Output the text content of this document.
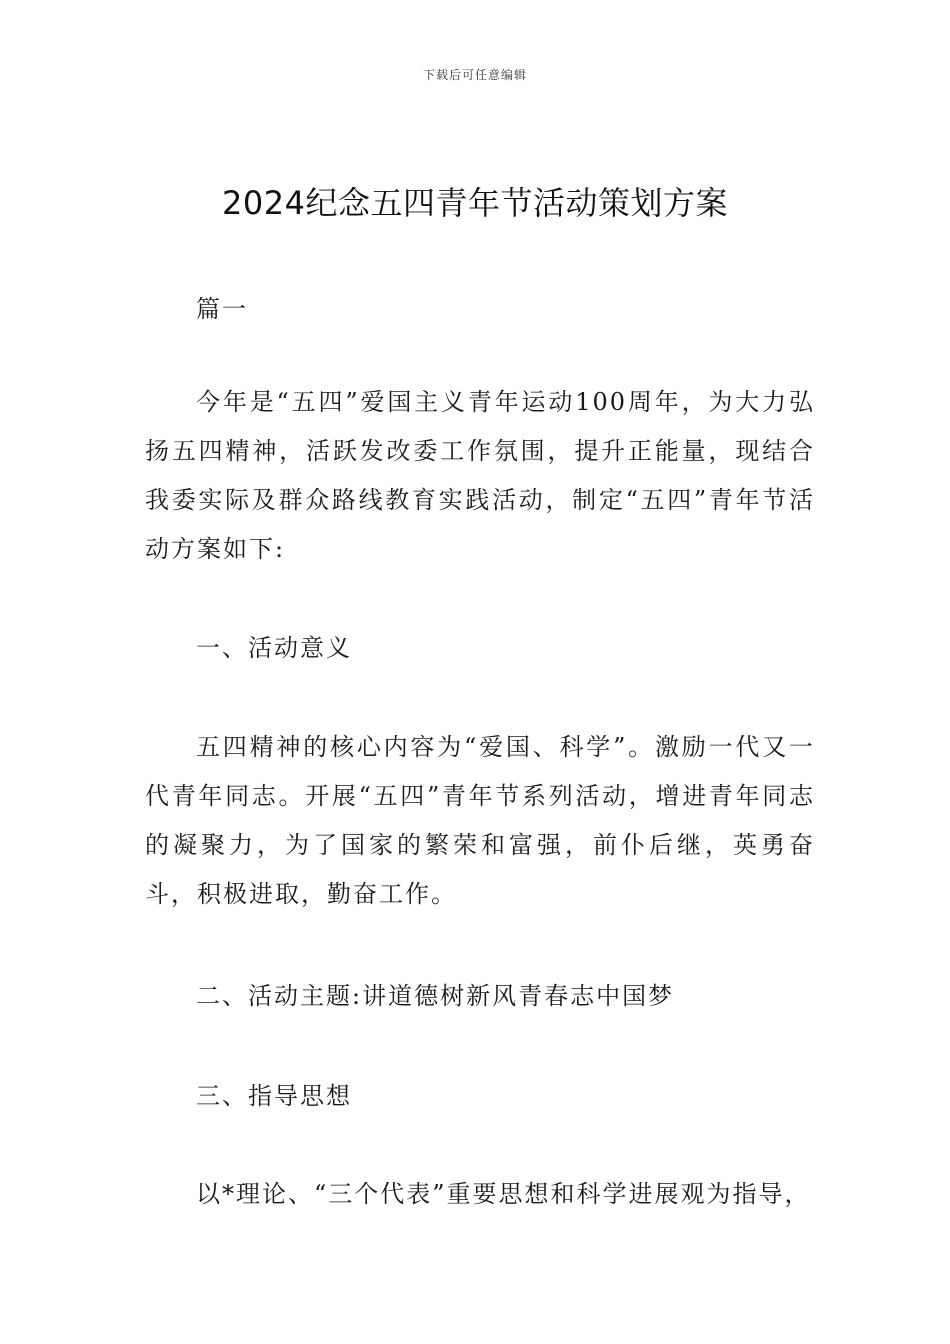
下载后可任意编辑
2024纪念五四青年节活动策划方案
篇一
今年是“五四”爱国主义青年运动100周年，为大力弘扬五四精神，活跃发改委工作氛围，提升正能量，现结合我委实际及群众路线教育实践活动，制定“五四”青年节活动方案如下:
一、活动意义
五四精神的核心内容为“爱国、科学”。激励一代又一代青年同志。开展“五四”青年节系列活动，增进青年同志的凝聚力，为了国家的繁荣和富强，前仆后继，英勇奋斗，积极进取，勤奋工作。
二、活动主题:讲道德树新风青春志中国梦
三、指导思想
以*理论、“三个代表”重要思想和科学进展观为指导，
